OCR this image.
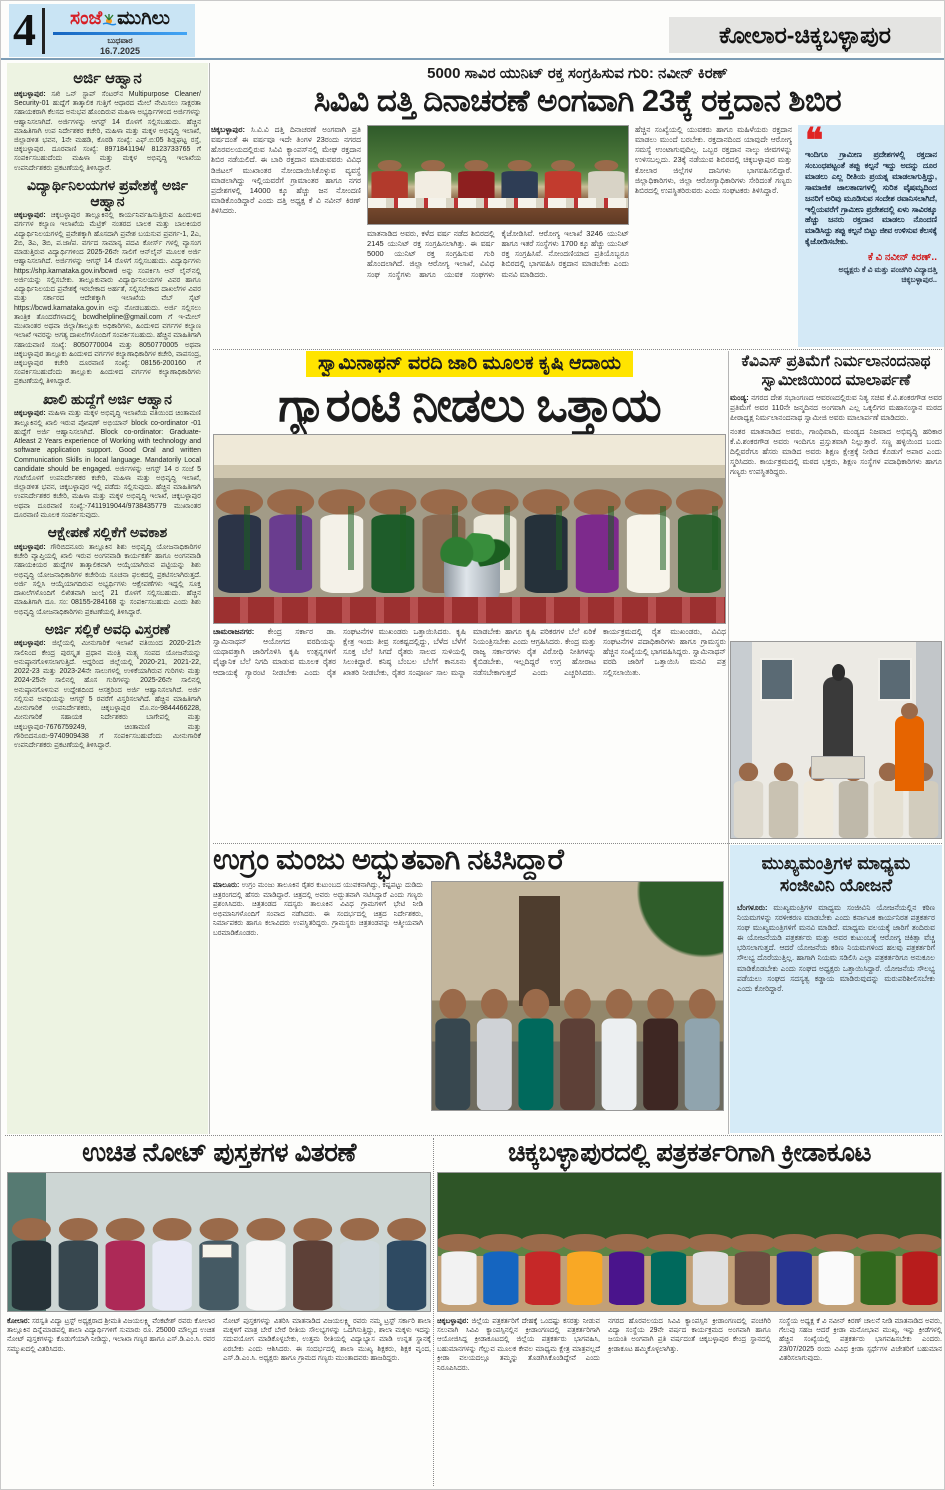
4	ಸಂಜೆ ಮುಗಿಲು
ಬುಧವಾರ
16.7.2025
ಕೋಲಾರ-ಚಿಕ್ಕಬಳ್ಳಾಪುರ
ಅರ್ಜಿ ಆಹ್ವಾನ

ಚಿಕ್ಕಬಳ್ಳಾಪುರ: ಸಖಿ ಒನ್ ಸ್ಟಾಪ್ ಸೆಂಟರ್‌ನ Multipurpose Cleaner/ Security-01 ಹುದ್ದೆಗೆ ತಾತ್ಕಾಲಿಕ ಗುತ್ತಿಗೆ ಆಧಾರದ ಮೇಲೆ ನೇಮಿಸಲು ಸಾಕ್ಷರತಾ ಸಹಾಯಕರಾಗಿ ಕೆಲಸದ ಅನುಭವ ಹೊಂದಿರುವ ಮಹಿಳಾ ಅಭ್ಯರ್ಥಿಗಳಿಂದ ಅರ್ಜಿಗಳನ್ನು ಆಹ್ವಾನಿಸಲಾಗಿದೆ. ಅರ್ಜಿಗಳನ್ನು ಆಗಸ್ಟ್ 14 ರೊಳಗೆ ಸಲ್ಲಿಸಬಹುದು. ಹೆಚ್ಚಿನ ಮಾಹಿತಿಗಾಗಿ ಉಪ ನಿರ್ದೇಶಕರ ಕಚೇರಿ, ಮಹಿಳಾ ಮತ್ತು ಮಕ್ಕಳ ಅಭಿವೃದ್ಧಿ ಇಲಾಖೆ, ಜಿಲ್ಲಾಡಳಿತ ಭವನ, 1ನೇ ಮಹಡಿ, ಕೊಠಡಿ ಸಂಖ್ಯೆ: ಎಫ್.ಬಿ:05 ಶಿಡ್ಲಘಟ್ಟ ರಸ್ತೆ, ಚಿಕ್ಕಬಳ್ಳಾಪುರ. ದೂರವಾಣಿ ಸಂಖ್ಯೆ: 8971841194/ 8123733765 ಗೆ ಸಂಪರ್ಕಿಸಬಹುದೆಂದು ಮಹಿಳಾ ಮತ್ತು ಮಕ್ಕಳ ಅಭಿವೃದ್ಧಿ ಇಲಾಖೆಯ ಉಪನಿರ್ದೇಶಕರು ಪ್ರಕಟಣೆಯಲ್ಲಿ ತಿಳಿಸಿದ್ದಾರೆ.

ವಿದ್ಯಾರ್ಥಿನಿಲಯಗಳ ಪ್ರವೇಶಕ್ಕೆ ಅರ್ಜಿ ಆಹ್ವಾನ

ಚಿಕ್ಕಬಳ್ಳಾಪುರ: ಚಿಕ್ಕಬಳ್ಳಾಪುರ ತಾಲ್ಲೂಕಿನಲ್ಲಿ ಕಾರ್ಯನಿರ್ವಹಿಸುತ್ತಿರುವ ಹಿಂದುಳಿದ ವರ್ಗಗಳ ಕಲ್ಯಾಣ ಇಲಾಖೆಯ ಮೆಟ್ರಿಕ್ ನಂತರದ ಬಾಲಕ ಮತ್ತು ಬಾಲಕಿಯರ ವಿದ್ಯಾರ್ಥಿನಿಲಯಗಳಲ್ಲಿ ಪ್ರವೇಶಕ್ಕಾಗಿ ಹೊಸದಾಗಿ ಪ್ರವೇಶ ಬಯಸುವ ಪ್ರವರ್ಗ-1, 2ಎ, 2ಬಿ, 3ಎ, 3ಬಿ, ಪ.ಜಾ/ಪ. ವರ್ಗದ ಸಾಮಾನ್ಯ ಪದವಿ ಕೋರ್ಸ್ ಗಳಲ್ಲಿ ವ್ಯಾಸಂಗ ಮಾಡುತ್ತಿರುವ ವಿದ್ಯಾರ್ಥಿಗಳಿಂದ 2025-26ನೇ ಸಾಲಿಗೆ ಆನ್‌ಲೈನ್ ಮೂಲಕ ಅರ್ಜಿ ಆಹ್ವಾನಿಸಲಾಗಿದೆ. ಅರ್ಜಿಗಳನ್ನು ಆಗಸ್ಟ್ 14 ರೊಳಗೆ ಸಲ್ಲಿಸಬಹುದು. ವಿದ್ಯಾರ್ಥಿಗಳು https://shp.karnataka.gov.in/bcwd ಅನ್ನು ಸಂಪರ್ಕಿಸಿ ಆನ್ ಲೈನ್‌ನಲ್ಲಿ ಅರ್ಜಿಯನ್ನು ಸಲ್ಲಿಸಬೇಕು. ತಾಲ್ಲೂಕುವಾರು ವಿದ್ಯಾರ್ಥಿನಿಲಯಗಳ ವಿವರ ಹಾಗೂ ವಿದ್ಯಾರ್ಥಿನಿಲಯದ ಪ್ರವೇಶಕ್ಕೆ ಇರಬೇಕಾದ ಅರ್ಹತೆ, ಸಲ್ಲಿಸಬೇಕಾದ ದಾಖಲೆಗಳ ವಿವರ ಮತ್ತು ಸರ್ಕಾರದ ಆದೇಶಕ್ಕಾಗಿ ಇಲಾಖೆಯ ವೆಬ್ ಸೈಟ್ https://bcwd.karnataka.gov.in ಅನ್ನು ನೋಡಬಹುದು. ಅರ್ಜಿ ಸಲ್ಲಿಸಲು ತಾಂತ್ರಿಕ ತೊಂದರೆಗಳಾದಲ್ಲಿ bcwdhelpline@gmail.com ಗೆ ಇ-ಮೇಲ್ ಮುಖಾಂತರ ಅಥವಾ ಜಿಲ್ಲಾ/ತಾಲ್ಲೂಕು ಅಧಿಕಾರಿಗಳು, ಹಿಂದುಳಿದ ವರ್ಗಗಳ ಕಲ್ಯಾಣ ಇಲಾಖೆ ಇವರನ್ನು ಅಗತ್ಯ ದಾಖಲೆಗಳೊಂದಿಗೆ ಸಂಪರ್ಕಿಸಬಹುದು. ಹೆಚ್ಚಿನ ಮಾಹಿತಿಗಾಗಿ ಸಹಾಯವಾಣಿ ಸಂಖ್ಯೆ: 8050770004 ಮತ್ತು 8050770005 ಅಥವಾ ಚಿಕ್ಕಬಳ್ಳಾಪುರ ತಾಲ್ಲೂಕು ಹಿಂದುಳಿದ ವರ್ಗಗಳ ಕಲ್ಯಾಣಾಧಿಕಾರಿಗಳ ಕಚೇರಿ, ವಾಪಸಂದ್ರ, ಚಿಕ್ಕಬಳ್ಳಾಪುರ ಕಚೇರಿ ದೂರವಾಣಿ ಸಂಖ್ಯೆ: 08156-200160 ಗೆ ಸಂಪರ್ಕಿಸಬಹುದೆಂದು ತಾಲ್ಲೂಕು ಹಿಂದುಳಿದ ವರ್ಗಗಳ ಕಲ್ಯಾಣಾಧಿಕಾರಿಗಳು ಪ್ರಕಟಣೆಯಲ್ಲಿ ತಿಳಿಸಿದ್ದಾರೆ.

ಖಾಲಿ ಹುದ್ದೆಗೆ ಅರ್ಜಿ ಆಹ್ವಾನ

ಚಿಕ್ಕಬಳ್ಳಾಪುರ: ಮಹಿಳಾ ಮತ್ತು ಮಕ್ಕಳ ಅಭಿವೃದ್ಧಿ ಇಲಾಖೆಯ ವತಿಯಿಂದ ಚಿಂತಾಮಣಿ ತಾಲ್ಲೂಕಿನಲ್ಲಿ ಖಾಲಿ ಇರುವ ಪೋಷಣ್ ಅಭಿಯಾನ್ block co-ordinator -01 ಹುದ್ದೆಗೆ ಅರ್ಜಿ ಆಹ್ವಾನಿಸಲಾಗಿದೆ. Block co-ordinator: Graduate- Atleast 2 Years experience of Working with technology and software application support. Good Oral and written Communication Skills in local language. Mandatorily Local candidate should be engaged. ಅರ್ಜಿಗಳನ್ನು ಆಗಸ್ಟ್ 14 ರ ಸಂಜೆ 5 ಗಂಟೆಯೊಳಗೆ ಉಪನಿರ್ದೇಶಕರ ಕಚೇರಿ, ಮಹಿಳಾ ಮತ್ತು ಅಭಿವೃದ್ಧಿ ಇಲಾಖೆ, ಜಿಲ್ಲಾಡಳಿತ ಭವನ, ಚಿಕ್ಕಬಳ್ಳಾಪುರ ಇಲ್ಲಿ ಪಡೆದು ಸಲ್ಲಿಸುವುದು. ಹೆಚ್ಚಿನ ಮಾಹಿತಿಗಾಗಿ ಉಪನಿರ್ದೇಶಕರ ಕಚೇರಿ, ಮಹಿಳಾ ಮತ್ತು ಮಕ್ಕಳ ಅಭಿವೃದ್ಧಿ ಇಲಾಖೆ, ಚಿಕ್ಕಬಳ್ಳಾಪುರ ಅಥವಾ ದೂರವಾಣಿ ಸಂಖ್ಯೆ:-7411919044/9738435779 ಮುಖಾಂತರ ದೂರವಾಣಿ ಮೂಲಕ ಸಂಪರ್ಕಿಸುವುದು.

ಆಕ್ಷೇಪಣೆ ಸಲ್ಲಿಕೆಗೆ ಅವಕಾಶ

ಚಿಕ್ಕಬಳ್ಳಾಪುರ: ಗೌರಿಬಿದನೂರು ತಾಲ್ಲೂಕಿನ ಶಿಶು ಅಭಿವೃದ್ಧಿ ಯೋಜನಾಧಿಕಾರಿಗಳ ಕಚೇರಿ ವ್ಯಾಪ್ತಿಯಲ್ಲಿ ಖಾಲಿ ಇರುವ ಅಂಗನವಾಡಿ ಕಾರ್ಯಕರ್ತೆ ಹಾಗೂ ಅಂಗನವಾಡಿ ಸಹಾಯಕಿಯರ ಹುದ್ದೆಗಳ ತಾತ್ಕಾಲಿಕವಾಗಿ ಆಯ್ಕೆಯಾಗಿರುವ ಪಟ್ಟಿಯನ್ನು ಶಿಶು ಅಭಿವೃದ್ಧಿ ಯೋಜನಾಧಿಕಾರಿಗಳ ಕಚೇರಿಯ ಸೂಚನಾ ಫಲಕದಲ್ಲಿ ಪ್ರಕಟಿಸಲಾಗಿರುತ್ತದೆ. ಅರ್ಜಿ ಸಲ್ಲಿಸಿ ಆಯ್ಕೆಯಾಗದಿರುವ ಅಭ್ಯರ್ಥಿಗಳು ಆಕ್ಷೇಪಣೆಗಳು ಇದ್ದಲ್ಲಿ ಸೂಕ್ತ ದಾಖಲೆಗಳೊಂದಿಗೆ ಲಿಖಿತವಾಗಿ ಜುಲೈ 21 ರೊಳಗೆ ಸಲ್ಲಿಸಬಹುದು. ಹೆಚ್ಚಿನ ಮಾಹಿತಿಗಾಗಿ ದೂ. ಸಂ: 08155-284168 ನ್ನು ಸಂಪರ್ಕಿಸಬಹುದು ಎಂದು ಶಿಶು ಅಭಿವೃದ್ಧಿ ಯೋಜನಾಧಿಕಾರಿಗಳು ಪ್ರಕಟಣೆಯಲ್ಲಿ ತಿಳಿಸಿದ್ದಾರೆ.

ಅರ್ಜಿ ಸಲ್ಲಿಕೆ ಅವಧಿ ವಿಸ್ತರಣೆ

ಚಿಕ್ಕಬಳ್ಳಾಪುರ: ಜಿಲ್ಲೆಯಲ್ಲಿ ಮೀನುಗಾರಿಕೆ ಇಲಾಖೆ ವತಿಯಿಂದ 2020-21ನೇ ಸಾಲಿನಿಂದ ಕೇಂದ್ರ ಪುರಸ್ಕೃತ ಪ್ರಧಾನ ಮಂತ್ರಿ ಮತ್ಸ್ಯ ಸಂಪದ ಯೋಜನೆಯನ್ನು ಅನುಷ್ಠಾನಗೊಳಿಸಲಾಗುತ್ತಿದೆ. ಆದ್ದರಿಂದ ಜಿಲ್ಲೆಯಲ್ಲಿ 2020-21, 2021-22, 2022-23 ಮತ್ತು 2023-24ನೇ ಸಾಲುಗಳಲ್ಲಿ ಉಳಿಕೆಯಾಗಿರುವ ಗುರಿಗಳು ಮತ್ತು 2024-25ನೇ ಸಾಲಿನಲ್ಲಿ ಹೊಸ ಗುರಿಗಳನ್ನು 2025-26ನೇ ಸಾಲಿನಲ್ಲಿ ಅನುಷ್ಠಾನಗೊಳಿಸುವ ಉದ್ದೇಶದಿಂದ ಆಸಕ್ತರಿಂದ ಅರ್ಜಿ ಆಹ್ವಾನಿಸಲಾಗಿದೆ. ಅರ್ಜಿ ಸಲ್ಲಿಸುವ ಅವಧಿಯನ್ನು ಆಗಸ್ಟ್ 5 ರವರೆಗೆ ವಿಸ್ತರಿಸಲಾಗಿದೆ. ಹೆಚ್ಚಿನ ಮಾಹಿತಿಗಾಗಿ ಮೀನುಗಾರಿಕೆ ಉಪನಿರ್ದೇಶಕರು, ಚಿಕ್ಕಬಳ್ಳಾಪುರ ಮೊ.ನಂ-9844466228, ಮೀನುಗಾರಿಕೆ ಸಹಾಯಕ ನಿರ್ದೇಶಕರು ಬಾಗೇಪಲ್ಲಿ ಮತ್ತು ಚಿಕ್ಕಬಳ್ಳಾಪುರ-7676759249, ಚಿಂತಾಮಣಿ ಮತ್ತು ಗೌರಿಬಿದನೂರು-9740909438 ಗೆ ಸಂಪರ್ಕಿಸಬಹುದೆಂದು ಮೀನುಗಾರಿಕೆ ಉಪನಿರ್ದೇಶಕರು ಪ್ರಕಟಣೆಯಲ್ಲಿ ತಿಳಿಸಿದ್ದಾರೆ.

5000 ಸಾವಿರ ಯುನಿಟ್ ರಕ್ತ ಸಂಗ್ರಹಿಸುವ ಗುರಿ: ನವೀನ್ ಕಿರಣ್
ಸಿವಿವಿ ದತ್ತಿ ದಿನಾಚರಣೆ ಅಂಗವಾಗಿ 23ಕ್ಕೆ ರಕ್ತದಾನ ಶಿಬಿರ

ಚಿಕ್ಕಬಳ್ಳಾಪುರ: ಸಿ.ವಿ.ವಿ ದತ್ತಿ ದಿನಾಚರಣೆ ಅಂಗವಾಗಿ ಪ್ರತಿ ವರ್ಷದಂತೆ ಈ ವರ್ಷವೂ ಇದೇ ತಿಂಗಳ 23ರಂದು ನಗರದ ಹೊರವಲಯದಲ್ಲಿರುವ ಸಿವಿವಿ ಕ್ಯಾಂಪಸ್‌ನಲ್ಲಿ ಮೇಘ ರಕ್ತದಾನ ಶಿಬಿರ ನಡೆಯಲಿದೆ. ಈ ಬಾರಿ ರಕ್ತದಾನ ಮಾಡುವವರು ವಿವಿಧ ಡಿಜಿಟಲ್ ಮುಖಾಂತರ ನೋಂದಾಯಿಸಿಕೊಳ್ಳುವ ವ್ಯವಸ್ಥೆ ಮಾಡಲಾಗಿದ್ದು ಇಲ್ಲಿಯವರೆಗೆ ಗ್ರಾಮಾಂತರ ಹಾಗೂ ನಗರ ಪ್ರದೇಶಗಳಲ್ಲಿ 14000 ಕ್ಕೂ ಹೆಚ್ಚು ಜನ ನೋಂದಣಿ ಮಾಡಿಕೊಂಡಿದ್ದಾರೆ ಎಂದು ದತ್ತಿ ಅಧ್ಯಕ್ಷ ಕೆ ವಿ ನವೀನ್ ಕಿರಣ್ ತಿಳಿಸಿದರು.

ಮಾತನಾಡಿದ ಅವರು, ಕಳೆದ ವರ್ಷ ನಡೆದ ಶಿಬಿರದಲ್ಲಿ 2145 ಯುನಿಟ್ ರಕ್ತ ಸಂಗ್ರಹಿಸಲಾಗಿತ್ತು. ಈ ವರ್ಷ 5000 ಯುನಿಟ್ ರಕ್ತ ಸಂಗ್ರಹಿಸುವ ಗುರಿ ಹೊಂದಲಾಗಿದೆ. ಜಿಲ್ಲಾ ಆರೋಗ್ಯ ಇಲಾಖೆ, ವಿವಿಧ ಸಂಘ ಸಂಸ್ಥೆಗಳು ಹಾಗೂ ಯುವಕ ಸಂಘಗಳು ಕೈಜೋಡಿಸಿವೆ. ಆರೋಗ್ಯ ಇಲಾಖೆ 3246 ಯುನಿಟ್ ಹಾಗೂ ಇತರೆ ಸಂಸ್ಥೆಗಳು 1700 ಕ್ಕೂ ಹೆಚ್ಚು ಯುನಿಟ್ ರಕ್ತ ಸಂಗ್ರಹಿಸಿವೆ. ನೋಂದಣಿಯಾದ ಪ್ರತಿಯೊಬ್ಬರೂ ಶಿಬಿರದಲ್ಲಿ ಭಾಗವಹಿಸಿ ರಕ್ತದಾನ ಮಾಡಬೇಕು ಎಂದು ಮನವಿ ಮಾಡಿದರು.

ಹೆಚ್ಚಿನ ಸಂಖ್ಯೆಯಲ್ಲಿ ಯುವಕರು ಹಾಗೂ ಮಹಿಳೆಯರು ರಕ್ತದಾನ ಮಾಡಲು ಮುಂದೆ ಬರಬೇಕು. ರಕ್ತದಾನದಿಂದ ಯಾವುದೇ ಆರೋಗ್ಯ ಸಮಸ್ಯೆ ಉಂಟಾಗುವುದಿಲ್ಲ. ಒಬ್ಬರ ರಕ್ತದಾನ ನಾಲ್ಕು ಜೀವಗಳನ್ನು ಉಳಿಸಬಲ್ಲದು. 23ಕ್ಕೆ ನಡೆಯುವ ಶಿಬಿರದಲ್ಲಿ ಚಿಕ್ಕಬಳ್ಳಾಪುರ ಮತ್ತು ಕೋಲಾರ ಜಿಲ್ಲೆಗಳ ದಾನಿಗಳು ಭಾಗವಹಿಸಲಿದ್ದಾರೆ. ಜಿಲ್ಲಾಧಿಕಾರಿಗಳು, ಜಿಲ್ಲಾ ಆರೋಗ್ಯಾಧಿಕಾರಿಗಳು ಸೇರಿದಂತೆ ಗಣ್ಯರು ಶಿಬಿರದಲ್ಲಿ ಉಪಸ್ಥಿತರಿರುವರು ಎಂದು ಸಂಘಟಕರು ತಿಳಿಸಿದ್ದಾರೆ.

❝
ಇಂದಿಗೂ ಗ್ರಾಮೀಣ ಪ್ರದೇಶಗಳಲ್ಲಿ ರಕ್ತದಾನ ಸಂಬಂಧಪಟ್ಟಂತೆ ತಪ್ಪು ಕಲ್ಪನೆ ಇದ್ದು ಅದನ್ನು ದೂರ ಮಾಡಲು ಎಲ್ಲ ರೀತಿಯ ಪ್ರಯತ್ನ ಮಾಡಲಾಗುತ್ತಿದ್ದು, ಸಾಮಾಜಿಕ ಜಾಲತಾಣಗಳಲ್ಲಿ ಸುರಿತ ವೈಷಮ್ಯದಿಂದ ಜನರಿಗೆ ಅರಿವು ಮೂಡಿಸುವ ಸಂದೇಶ ರವಾನಿಸಲಾಗಿದೆ, ಇಲ್ಲಿಯವರೆಗೆ ಗ್ರಾಮೀಣ ಪ್ರದೇಶದಲ್ಲಿ ಏಳು ಸಾವಿರಕ್ಕೂ ಹೆಚ್ಚು ಜನರು ರಕ್ತದಾನ ಮಾಡಲು ನೊಂದಣಿ ಮಾಡಿಸಿದ್ದು ತಪ್ಪು ಕಲ್ಪನೆ ಬಿಟ್ಟು ಜೀವ ಉಳಿಸುವ ಕೆಲಸಕ್ಕೆ ಕೈಜೋಡಿಸಬೇಕು.
ಕೆ ವಿ ನವೀನ್ ಕಿರಣ್..
ಅಧ್ಯಕ್ಷರು ಕೆ ವಿ ಮತ್ತು ಪಂಚಗಿರಿ ವಿದ್ಯಾದತ್ತಿ ಚಿಕ್ಕಬಳ್ಳಾಪುರ..
ಸ್ವಾಮಿನಾಥನ್ ವರದಿ ಜಾರಿ ಮೂಲಕ ಕೃಷಿ ಆದಾಯ
ಗ್ಯಾರಂಟಿ ನೀಡಲು ಒತ್ತಾಯ

ಚಾಮರಾಜನಗರ: ಕೇಂದ್ರ ಸರ್ಕಾರ ಡಾ. ಸ್ವಾಮಿನಾಥನ್ ಆಯೋಗದ ವರದಿಯನ್ನು ಯಥಾವತ್ತಾಗಿ ಜಾರಿಗೊಳಿಸಿ ಕೃಷಿ ಉತ್ಪನ್ನಗಳಿಗೆ ವೈಜ್ಞಾನಿಕ ಬೆಲೆ ನಿಗದಿ ಮಾಡುವ ಮೂಲಕ ರೈತರ ಆದಾಯಕ್ಕೆ ಗ್ಯಾರಂಟಿ ನೀಡಬೇಕು ಎಂದು ರೈತ ಸಂಘಟನೆಗಳ ಮುಖಂಡರು ಒತ್ತಾಯಿಸಿದರು. ಕೃಷಿ ಕ್ಷೇತ್ರ ಇಂದು ತೀವ್ರ ಸಂಕಷ್ಟದಲ್ಲಿದ್ದು, ಬೆಳೆದ ಬೆಳೆಗೆ ಸೂಕ್ತ ಬೆಲೆ ಸಿಗದೆ ರೈತರು ಸಾಲದ ಸುಳಿಯಲ್ಲಿ ಸಿಲುಕಿದ್ದಾರೆ. ಕನಿಷ್ಠ ಬೆಂಬಲ ಬೆಲೆಗೆ ಕಾನೂನು ಖಾತರಿ ನೀಡಬೇಕು, ರೈತರ ಸಂಪೂರ್ಣ ಸಾಲ ಮನ್ನಾ ಮಾಡಬೇಕು ಹಾಗೂ ಕೃಷಿ ಪರಿಕರಗಳ ಬೆಲೆ ಏರಿಕೆ ನಿಯಂತ್ರಿಸಬೇಕು ಎಂದು ಆಗ್ರಹಿಸಿದರು. ಕೇಂದ್ರ ಮತ್ತು ರಾಜ್ಯ ಸರ್ಕಾರಗಳು ರೈತ ವಿರೋಧಿ ನೀತಿಗಳನ್ನು ಕೈಬಿಡಬೇಕು, ಇಲ್ಲದಿದ್ದರೆ ಉಗ್ರ ಹೋರಾಟ ನಡೆಸಬೇಕಾಗುತ್ತದೆ ಎಂದು ಎಚ್ಚರಿಸಿದರು. ಕಾರ್ಯಕ್ರಮದಲ್ಲಿ ರೈತ ಮುಖಂಡರು, ವಿವಿಧ ಸಂಘಟನೆಗಳ ಪದಾಧಿಕಾರಿಗಳು ಹಾಗೂ ಗ್ರಾಮಸ್ಥರು ಹೆಚ್ಚಿನ ಸಂಖ್ಯೆಯಲ್ಲಿ ಭಾಗವಹಿಸಿದ್ದರು. ಸ್ವಾಮಿನಾಥನ್ ವರದಿ ಜಾರಿಗೆ ಒತ್ತಾಯಿಸಿ ಮನವಿ ಪತ್ರ ಸಲ್ಲಿಸಲಾಯಿತು.

ಕೆವಿಎಸ್ ಪ್ರತಿಮೆಗೆ ನಿರ್ಮಲಾನಂದನಾಥ ಸ್ವಾಮೀಜಿಯಿಂದ ಮಾಲಾರ್ಪಣೆ

ಮಂಡ್ಯ: ನಗರದ ದೇಶ ಸಭಾಂಗಣದ ಆವರಣದಲ್ಲಿರುವ ನಿತ್ಯ ಸಚಿವ ಕೆ.ವಿ.ಶಂಕರಗೌಡ ಅವರ ಪ್ರತಿಮೆಗೆ ಅವರ 110ನೇ ಜನ್ಮದಿನದ ಅಂಗವಾಗಿ ಎಲ್ಲ ಒಕ್ಕಲಿಗರ ಮಹಾಸಂಸ್ಥಾನ ಮಠದ ಪೀಠಾಧ್ಯಕ್ಷ ನಿರ್ಮಲಾನಂದನಾಥ ಸ್ವಾಮೀಜಿ ಅವರು ಮಾಲಾರ್ಪಣೆ ಮಾಡಿದರು.

ನಂತರ ಮಾತನಾಡಿದ ಅವರು, ಗಾಂಧಿವಾದಿ, ಮಂಡ್ಯದ ನಿಜವಾದ ಅಭಿವೃದ್ಧಿ ಹರಿಕಾರ ಕೆ.ವಿ.ಶಂಕರಗೌಡ ಅವರು ಇಂದಿಗೂ ಪ್ರಸ್ತುತವಾಗಿ ನಿಲ್ಲುತ್ತಾರೆ. ಸಣ್ಣ ಹಳ್ಳಿಯಿಂದ ಬಂದು ದಿಲ್ಲಿವರೆಗೂ ಹೆಸರು ಮಾಡಿದ ಅವರು ಶಿಕ್ಷಣ ಕ್ಷೇತ್ರಕ್ಕೆ ನೀಡಿದ ಕೊಡುಗೆ ಅಪಾರ ಎಂದು ಸ್ಮರಿಸಿದರು. ಕಾರ್ಯಕ್ರಮದಲ್ಲಿ ಮಠದ ಭಕ್ತರು, ಶಿಕ್ಷಣ ಸಂಸ್ಥೆಗಳ ಪದಾಧಿಕಾರಿಗಳು ಹಾಗೂ ಗಣ್ಯರು ಉಪಸ್ಥಿತರಿದ್ದರು.

ಉಗ್ರಂ ಮಂಜು ಅದ್ಭುತವಾಗಿ ನಟಿಸಿದ್ದಾರೆ

ಮಾಲೂರು: ಉಗ್ರಂ ಮಂಜು ತಾಲೂಕಿನ ರೈತರ ಕುಟುಂಬದ ಯುವಕನಾಗಿದ್ದು, ಕಷ್ಟಪಟ್ಟು ದುಡಿದು ಚಿತ್ರರಂಗದಲ್ಲಿ ಹೆಸರು ಮಾಡಿದ್ದಾರೆ. ಚಿತ್ರದಲ್ಲಿ ಅವರು ಅದ್ಭುತವಾಗಿ ನಟಿಸಿದ್ದಾರೆ ಎಂದು ಗಣ್ಯರು ಪ್ರಶಂಸಿಸಿದರು. ಚಿತ್ರತಂಡದ ಸದಸ್ಯರು ತಾಲೂಕಿನ ವಿವಿಧ ಗ್ರಾಮಗಳಿಗೆ ಭೇಟಿ ನೀಡಿ ಅಭಿಮಾನಿಗಳೊಂದಿಗೆ ಸಂವಾದ ನಡೆಸಿದರು. ಈ ಸಂದರ್ಭದಲ್ಲಿ ಚಿತ್ರದ ನಿರ್ದೇಶಕರು, ನಿರ್ಮಾಪಕರು ಹಾಗೂ ಕಲಾವಿದರು ಉಪಸ್ಥಿತರಿದ್ದರು. ಗ್ರಾಮಸ್ಥರು ಚಿತ್ರತಂಡವನ್ನು ಆತ್ಮೀಯವಾಗಿ ಬರಮಾಡಿಕೊಂಡರು.

ಮುಖ್ಯಮಂತ್ರಿಗಳ ಮಾಧ್ಯಮ
ಸಂಜೀವಿನಿ ಯೋಜನೆ

ಬೆಂಗಳೂರು: ಮುಖ್ಯಮಂತ್ರಿಗಳ ಮಾಧ್ಯಮ ಸಂಜೀವಿನಿ ಯೋಜನೆಯಲ್ಲಿನ ಕಠಿಣ ನಿಯಮಗಳನ್ನು ಸರಳೀಕರಣ ಮಾಡಬೇಕು ಎಂದು ಕರ್ನಾಟಕ ಕಾರ್ಯನಿರತ ಪತ್ರಕರ್ತರ ಸಂಘ ಮುಖ್ಯಮಂತ್ರಿಗಳಿಗೆ ಮನವಿ ಮಾಡಿದೆ. ಮಾಧ್ಯಮ ವಲಯಕ್ಕೆ ಜಾರಿಗೆ ತಂದಿರುವ ಈ ಯೋಜನೆಯಡಿ ಪತ್ರಕರ್ತರು ಮತ್ತು ಅವರ ಕುಟುಂಬಕ್ಕೆ ಆರೋಗ್ಯ ಚಿಕಿತ್ಸಾ ವೆಚ್ಚ ಭರಿಸಲಾಗುತ್ತದೆ. ಆದರೆ ಯೋಜನೆಯ ಕಠಿಣ ನಿಯಮಗಳಿಂದ ಹಲವು ಪತ್ರಕರ್ತರಿಗೆ ಸೌಲಭ್ಯ ದೊರೆಯುತ್ತಿಲ್ಲ. ಹಾಗಾಗಿ ನಿಯಮ ಸಡಿಲಿಸಿ ಎಲ್ಲಾ ಪತ್ರಕರ್ತರಿಗೂ ಅನುಕೂಲ ಮಾಡಿಕೊಡಬೇಕು ಎಂದು ಸಂಘದ ಅಧ್ಯಕ್ಷರು ಒತ್ತಾಯಿಸಿದ್ದಾರೆ. ಯೋಜನೆಯ ಸೌಲಭ್ಯ ಪಡೆಯಲು ಸಂಘದ ಸದಸ್ಯತ್ವ ಕಡ್ಡಾಯ ಮಾಡಿರುವುದನ್ನು ಮರುಪರಿಶೀಲಿಸಬೇಕು ಎಂದು ಕೋರಿದ್ದಾರೆ.

ಉಚಿತ ನೋಟ್ ಪುಸ್ತಕಗಳ ವಿತರಣೆ

ಕೋಲಾರ: ಸರಸ್ವತಿ ವಿದ್ಯಾ ಟ್ರಸ್ಟ್ ಅಧ್ಯಕ್ಷರಾದ ಶ್ರೀಮತಿ ವಿಜಯಲಕ್ಷ್ಮಿ ವೆಂಕಟೇಶ್ ರವರು ಕೋಲಾರ ತಾಲ್ಲೂಕಿನ ದಿನ್ನೆಮಾಡಪಲ್ಲಿ ಶಾಲಾ ವಿದ್ಯಾರ್ಥಿಗಳಿಗೆ ಸುಮಾರು ರೂ. 25000 ಮೌಲ್ಯದ ಉಚಿತ ನೋಟ್ ಪುಸ್ತಕಗಳನ್ನು ಕೊಡುಗೆಯಾಗಿ ನೀಡಿದ್ದು, ಇಲಾಖಾ ಗಣ್ಯರ ಹಾಗೂ ಎಸ್.ಡಿ.ಎಂ.ಸಿ. ರವರ ಸಮ್ಮುಖದಲ್ಲಿ ವಿತರಿಸಿದರು.

ನೋಟ್ ಪುಸ್ತಕಗಳನ್ನು ವಿತರಿಸಿ ಮಾತನಾಡಿದ ವಿಜಯಲಕ್ಷ್ಮಿ ರವರು ನಮ್ಮ ಟ್ರಸ್ಟ್ ಸರ್ಕಾರಿ ಶಾಲಾ ಮಕ್ಕಳಿಗೆ ಮಾತ್ರ ಬೇರೆ ಬೇರೆ ರೀತಿಯ ಸೌಲಭ್ಯಗಳನ್ನು ಒದಗಿಸುತ್ತಿದ್ದು, ಶಾಲಾ ಮಕ್ಕಳು ಇದನ್ನು ಸದುಪಯೋಗ ಮಾಡಿಕೊಳ್ಳಬೇಕು, ಉತ್ತಮ ರೀತಿಯಲ್ಲಿ ವಿದ್ಯಾಭ್ಯಾಸ ಮಾಡಿ ಉನ್ನತ ಸ್ಥಾನಕ್ಕೆ ಏರಬೇಕು ಎಂದು ಆಶಿಸಿದರು. ಈ ಸಂದರ್ಭದಲ್ಲಿ ಶಾಲಾ ಮುಖ್ಯ ಶಿಕ್ಷಕರು, ಶಿಕ್ಷಕ ವೃಂದ, ಎಸ್.ಡಿ.ಎಂ.ಸಿ. ಅಧ್ಯಕ್ಷರು ಹಾಗೂ ಗ್ರಾಮದ ಗಣ್ಯರು ಮುಂತಾದವರು ಹಾಜರಿದ್ದರು.

ಚಿಕ್ಕಬಳ್ಳಾಪುರದಲ್ಲಿ ಪತ್ರಕರ್ತರಿಗಾಗಿ ಕ್ರೀಡಾಕೂಟ

ಚಿಕ್ಕಬಳ್ಳಾಪುರ: ಜಿಲ್ಲೆಯ ಪತ್ರಕರ್ತರಿಗೆ ದೇಹಕ್ಕೆ ಒಂದಷ್ಟು ಕಸರತ್ತು ನೀಡುವ ಸಲುವಾಗಿ ಸಿವಿವಿ ಕ್ಯಾಂಪಸ್ಸಿನಲ್ಲಿನ ಕ್ರೀಡಾಂಗಣದಲ್ಲಿ ಪತ್ರಕರ್ತರಿಗಾಗಿ ಆಯೋಜಿಸಿದ್ದ ಕ್ರೀಡಾಕೂಟದಲ್ಲಿ ಜಿಲ್ಲೆಯ ಪತ್ರಕರ್ತರು ಭಾಗವಹಿಸಿ, ಬಹುಮಾನಗಳನ್ನು ಗೆಲ್ಲುವ ಮೂಲಕ ಕೇವಲ ಮಾಧ್ಯಮ ಕ್ಷೇತ್ರ ಮಾತ್ರವಲ್ಲದೆ ಕ್ರೀಡಾ ವಲಯದಲ್ಲೂ ತಮ್ಮನ್ನು ತೊಡಗಿಸಿಕೊಂಡಿದ್ದೇವೆ ಎಂದು ನಿರೂಪಿಸಿದರು.

ನಗರದ ಹೊರವಲಯದ ಸಿವಿವಿ ಕ್ಯಾಂಪಸ್ಸಿನ ಕ್ರೀಡಾಂಗಣದಲ್ಲಿ ಪಂಚಗಿರಿ ವಿದ್ಯಾ ಸಂಸ್ಥೆಯ 29ನೇ ವರ್ಷದ ಕಾರ್ಯಕ್ರಮದ ಅಂಗವಾಗಿ ಹಾಗೂ ಜಯಂತಿ ಅಂಗವಾಗಿ ಪ್ರತಿ ವರ್ಷದಂತೆ ಚಿಕ್ಕಬಳ್ಳಾಪುರ ಕೇಂದ್ರ ಸ್ಥಾನದಲ್ಲಿ ಕ್ರೀಡಾಕೂಟ ಹಮ್ಮಿಕೊಳ್ಳಲಾಗಿತ್ತು.

ಸಂಸ್ಥೆಯ ಅಧ್ಯಕ್ಷ ಕೆ ವಿ ನವೀನ್ ಕಿರಣ್ ಚಾಲನೆ ನೀಡಿ ಮಾತನಾಡಿದ ಅವರು, ಗೆಲುವು ಸಹಜ ಆದರೆ ಕ್ರೀಡಾ ಮನೋಭಾವ ಮುಖ್ಯ, ಇನ್ನು ಕ್ರೀಡೆಗಳಲ್ಲಿ ಹೆಚ್ಚಿನ ಸಂಖ್ಯೆಯಲ್ಲಿ ಪತ್ರಕರ್ತರು ಭಾಗವಹಿಸಬೇಕು ಎಂದರು. 23/07/2025 ರಂದು ವಿವಿಧ ಕ್ರೀಡಾ ಸ್ಪರ್ಧೆಗಳ ವಿಜೇತರಿಗೆ ಬಹುಮಾನ ವಿತರಿಸಲಾಗುವುದು.
